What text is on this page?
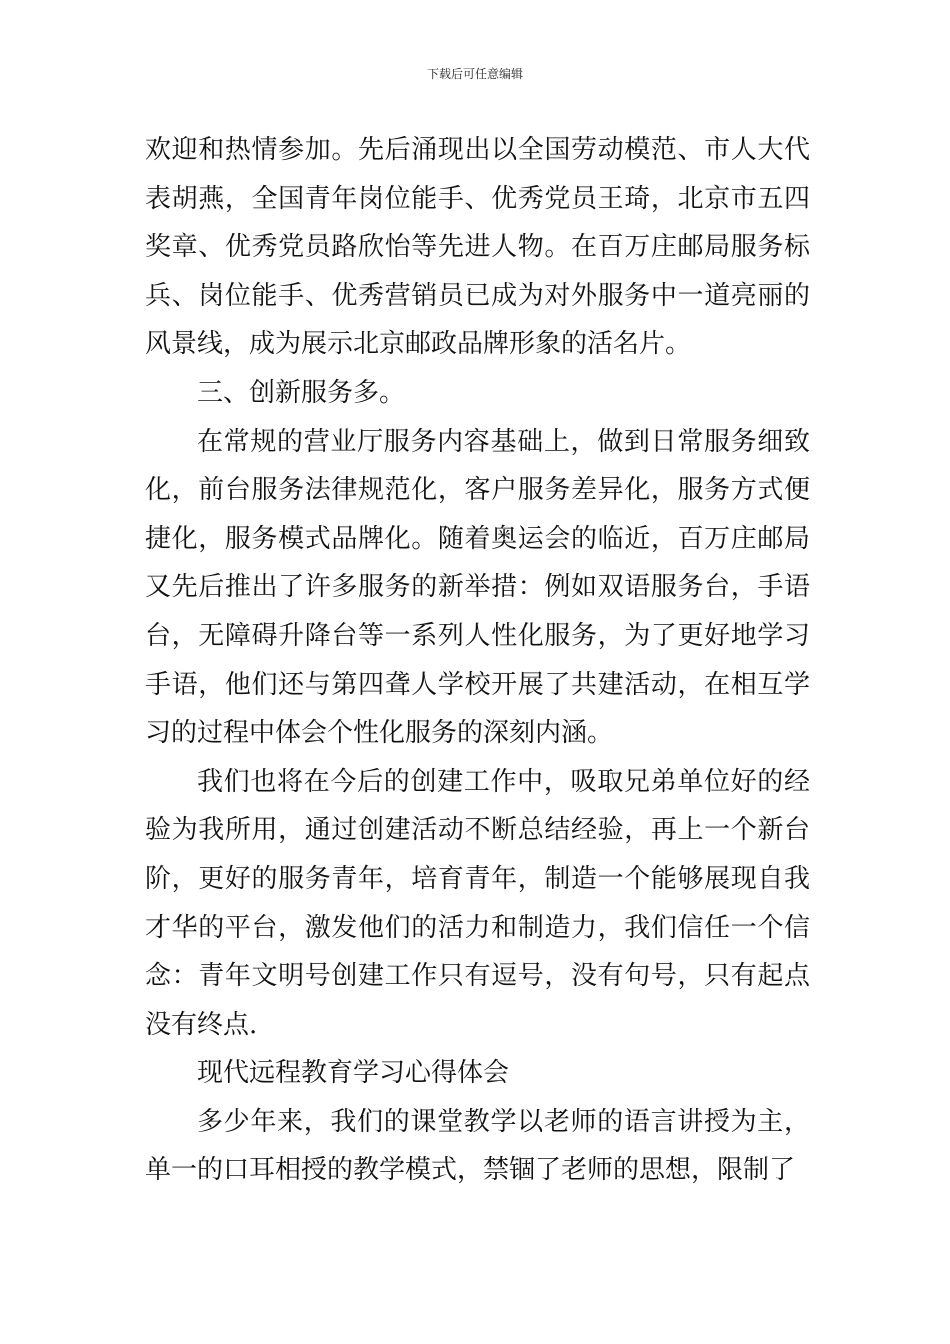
下载后可任意编辑

欢迎和热情参加。先后涌现出以全国劳动模范、市人大代表胡燕，全国青年岗位能手、优秀党员王琦，北京市五四奖章、优秀党员路欣怡等先进人物。在百万庄邮局服务标兵、岗位能手、优秀营销员已成为对外服务中一道亮丽的风景线，成为展示北京邮政品牌形象的活名片。

三、创新服务多。

在常规的营业厅服务内容基础上，做到日常服务细致化，前台服务法律规范化，客户服务差异化，服务方式便捷化，服务模式品牌化。随着奥运会的临近，百万庄邮局又先后推出了许多服务的新举措：例如双语服务台，手语台，无障碍升降台等一系列人性化服务，为了更好地学习手语，他们还与第四聋人学校开展了共建活动，在相互学习的过程中体会个性化服务的深刻内涵。

我们也将在今后的创建工作中，吸取兄弟单位好的经验为我所用，通过创建活动不断总结经验，再上一个新台阶，更好的服务青年，培育青年，制造一个能够展现自我才华的平台，激发他们的活力和制造力，我们信任一个信念：青年文明号创建工作只有逗号，没有句号，只有起点没有终点.

现代远程教育学习心得体会

多少年来，我们的课堂教学以老师的语言讲授为主，单一的口耳相授的教学模式，禁锢了老师的思想，限制了
